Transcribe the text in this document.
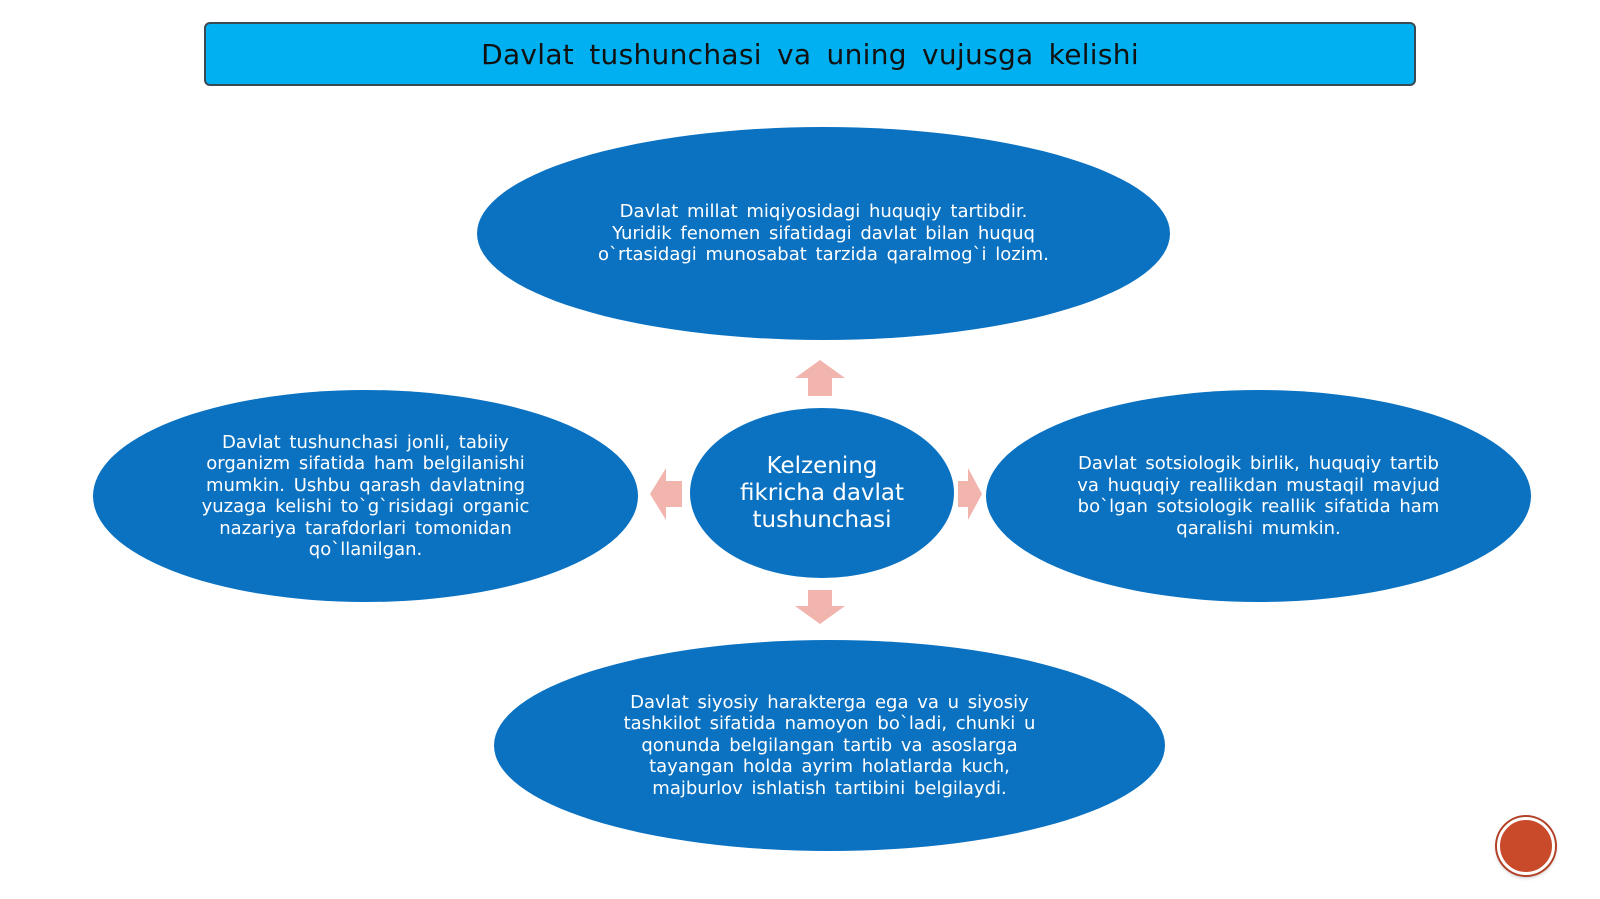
Davlat tushunchasi va uning vujusga kelishi
Davlat millat miqiyosidagi huquqiy tartibdir. Yuridik fenomen sifatidagi davlat bilan huquq o`rtasidagi munosabat tarzida qaralmog`i lozim.
Davlat tushunchasi jonli, tabiiy organizm sifatida ham belgilanishi mumkin. Ushbu qarash davlatning yuzaga kelishi to`g`risidagi organic nazariya tarafdorlari tomonidan qo`llanilgan.
Davlat sotsiologik birlik, huquqiy tartib va huquqiy reallikdan mustaqil mavjud bo`lgan sotsiologik reallik sifatida ham qaralishi mumkin.
Davlat siyosiy harakterga ega va u siyosiy tashkilot sifatida namoyon bo`ladi, chunki u qonunda belgilangan tartib va asoslarga tayangan holda ayrim holatlarda kuch, majburlov ishlatish tartibini belgilaydi.
Kelzening fikricha davlat tushunchasi
